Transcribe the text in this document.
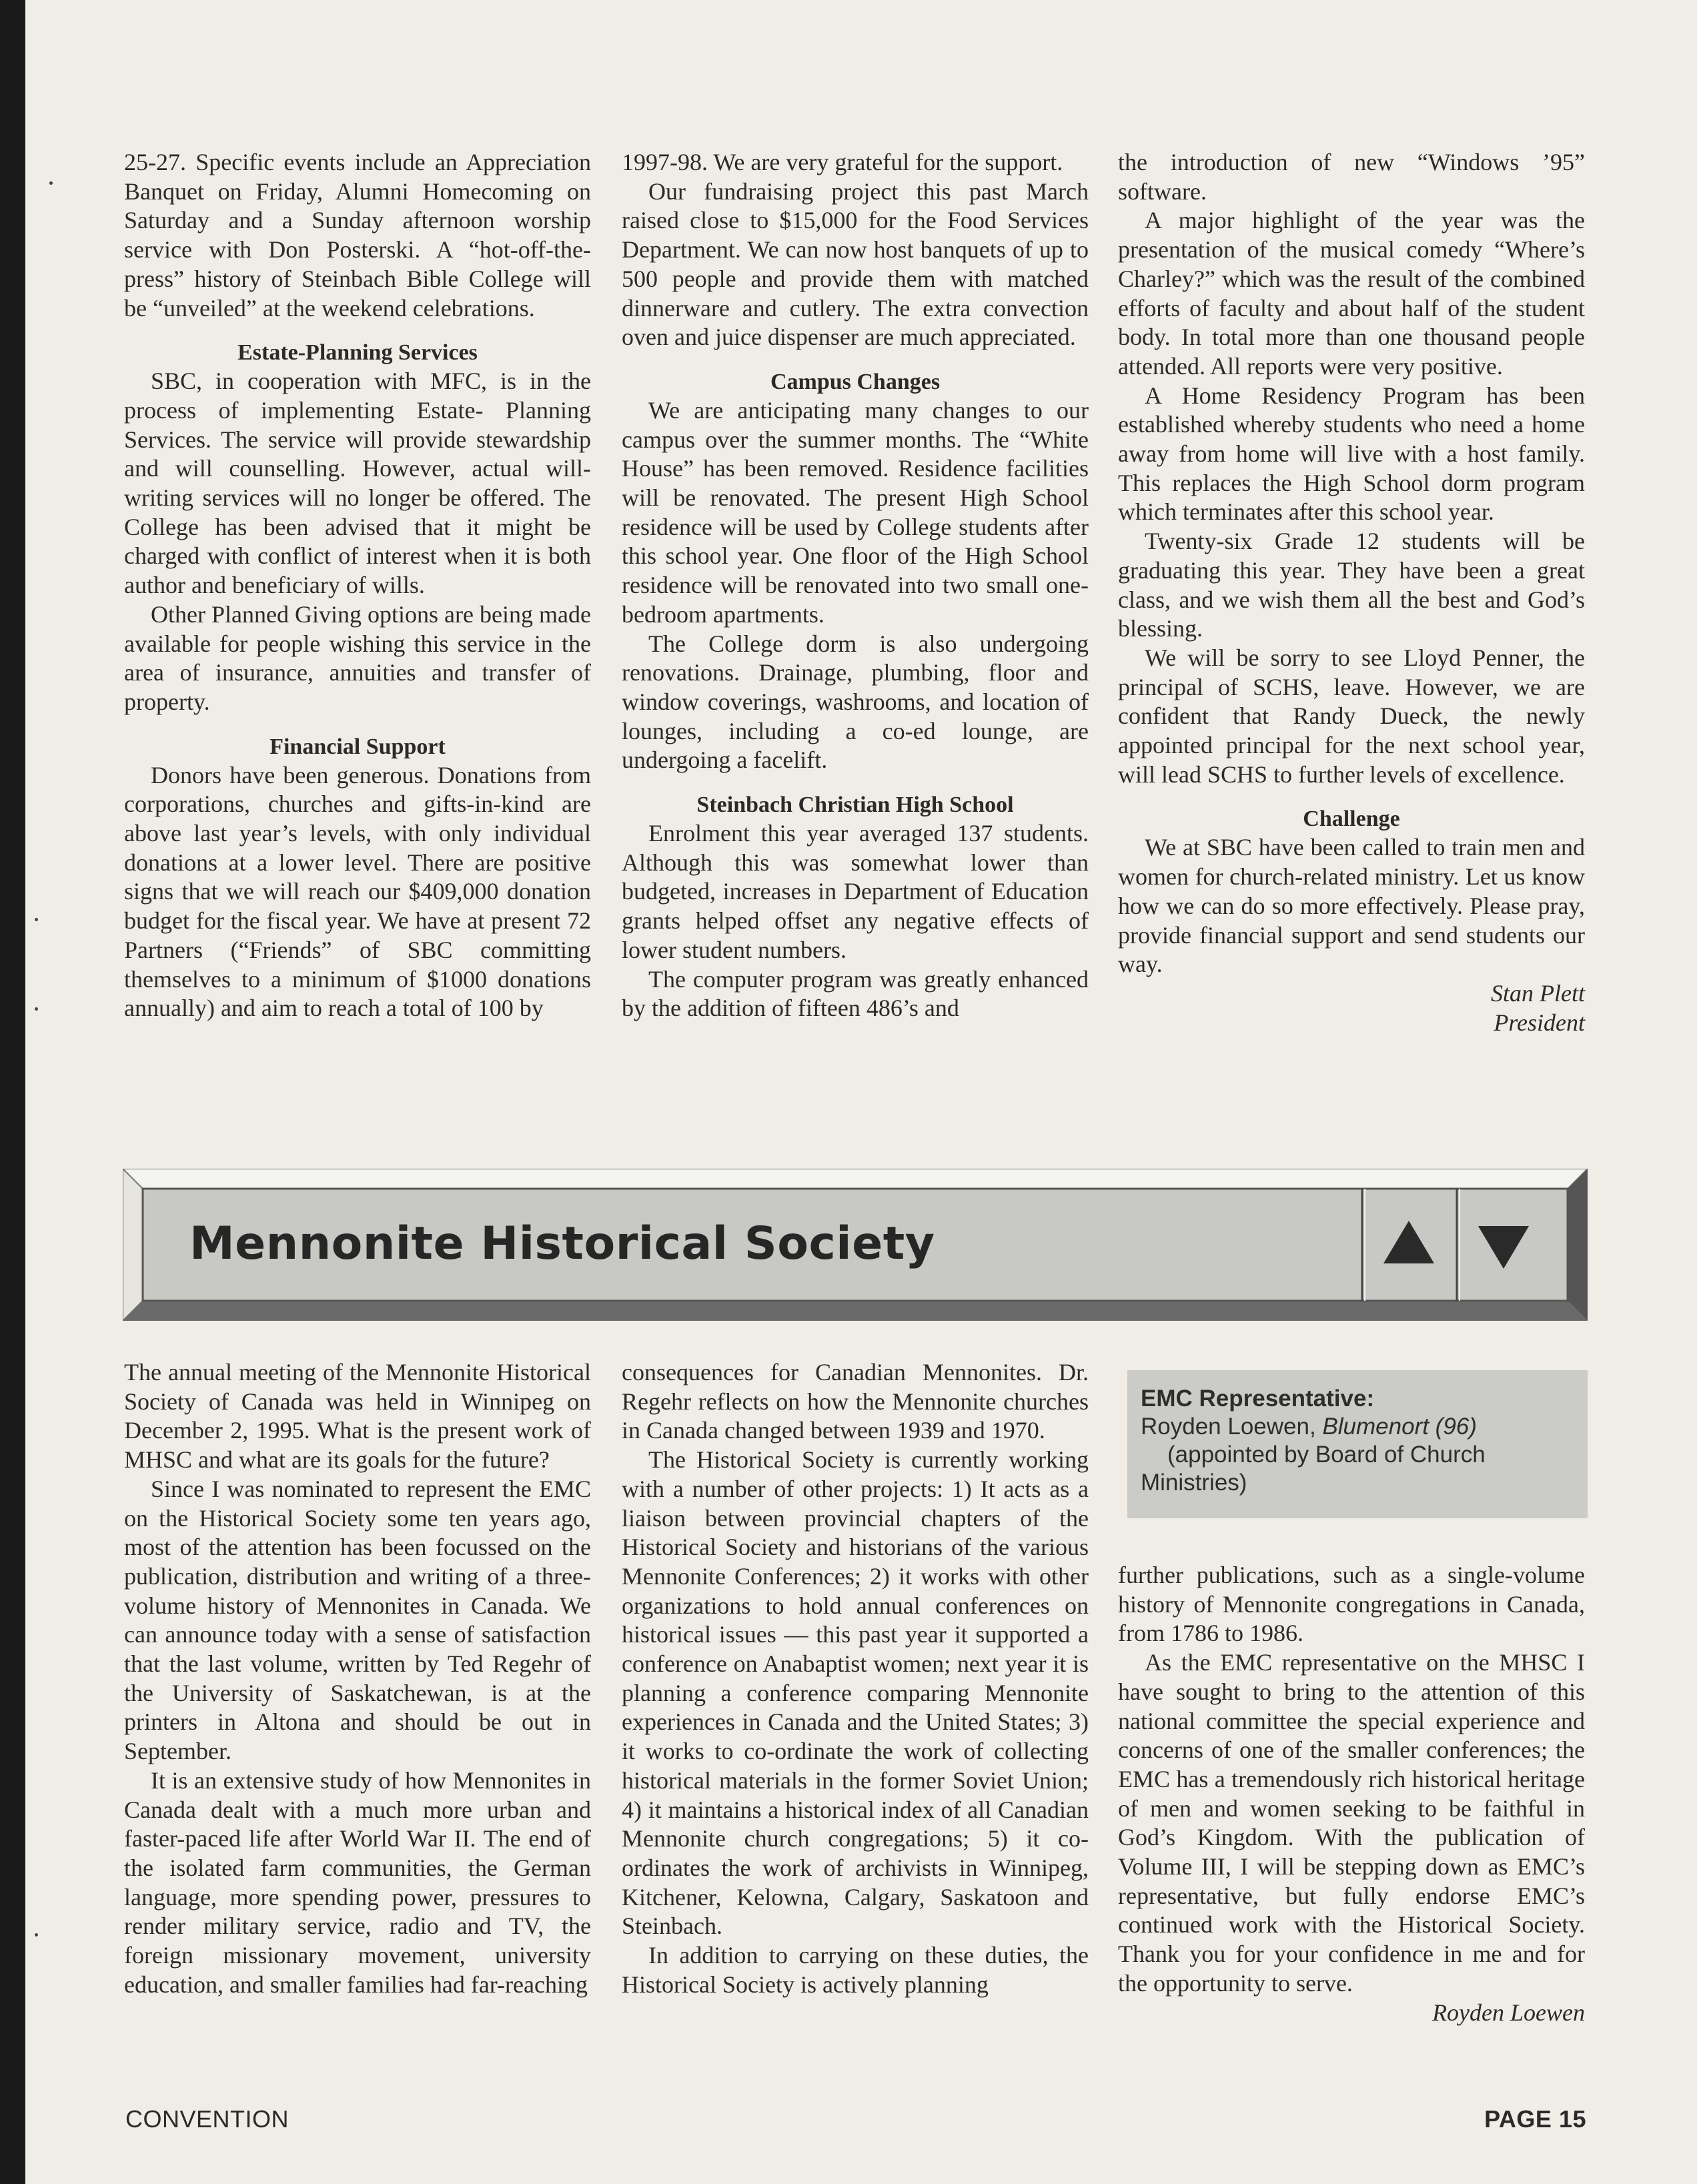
25-27. Specific events include an Appreciation Banquet on Friday, Alumni Homecoming on Saturday and a Sunday afternoon worship service with Don Posterski. A “hot-off-the-press” history of Steinbach Bible College will be “unveiled” at the weekend celebrations.

Estate-Planning Services

SBC, in cooperation with MFC, is in the process of implementing Estate- Planning Services. The service will provide stewardship and will counselling. However, actual will-writing services will no longer be offered. The College has been advised that it might be charged with conflict of interest when it is both author and beneficiary of wills.

Other Planned Giving options are being made available for people wishing this service in the area of insurance, annuities and transfer of property.

Financial Support

Donors have been generous. Donations from corporations, churches and gifts-in-kind are above last year’s levels, with only individual donations at a lower level. There are positive signs that we will reach our $409,000 donation budget for the fiscal year. We have at present 72 Partners (“Friends” of SBC committing themselves to a minimum of $1000 donations annually) and aim to reach a total of 100 by

1997-98. We are very grateful for the support.

Our fundraising project this past March raised close to $15,000 for the Food Services Department. We can now host banquets of up to 500 people and provide them with matched dinnerware and cutlery. The extra convection oven and juice dispenser are much appreciated.

Campus Changes

We are anticipating many changes to our campus over the summer months. The “White House” has been removed. Residence facilities will be renovated. The present High School residence will be used by College students after this school year. One floor of the High School residence will be renovated into two small one-bedroom apartments.

The College dorm is also undergoing renovations. Drainage, plumbing, floor and window coverings, washrooms, and location of lounges, including a co-ed lounge, are undergoing a facelift.

Steinbach Christian High School

Enrolment this year averaged 137 students. Although this was somewhat lower than budgeted, increases in Department of Education grants helped offset any negative effects of lower student numbers.

The computer program was greatly enhanced by the addition of fifteen 486’s and

the introduction of new “Windows ’95” software.

A major highlight of the year was the presentation of the musical comedy “Where’s Charley?” which was the result of the combined efforts of faculty and about half of the student body. In total more than one thousand people attended. All reports were very positive.

A Home Residency Program has been established whereby students who need a home away from home will live with a host family. This replaces the High School dorm program which terminates after this school year.

Twenty-six Grade 12 students will be graduating this year. They have been a great class, and we wish them all the best and God’s blessing.

We will be sorry to see Lloyd Penner, the principal of SCHS, leave. However, we are confident that Randy Dueck, the newly appointed principal for the next school year, will lead SCHS to further levels of excellence.

Challenge

We at SBC have been called to train men and women for church-related ministry. Let us know how we can do so more effectively. Please pray, provide financial support and send students our way.

Stan Plett

President

Mennonite Historical Society

The annual meeting of the Mennonite Historical Society of Canada was held in Winnipeg on December 2, 1995. What is the present work of MHSC and what are its goals for the future?

Since I was nominated to represent the EMC on the Historical Society some ten years ago, most of the attention has been focussed on the publication, distribution and writing of a three-volume history of Mennonites in Canada. We can announce today with a sense of satisfaction that the last volume, written by Ted Regehr of the University of Saskatchewan, is at the printers in Altona and should be out in September.

It is an extensive study of how Mennonites in Canada dealt with a much more urban and faster-paced life after World War II. The end of the isolated farm communities, the German language, more spending power, pressures to render military service, radio and TV, the foreign missionary movement, university education, and smaller families had far-reaching

consequences for Canadian Mennonites. Dr. Regehr reflects on how the Mennonite churches in Canada changed between 1939 and 1970.

The Historical Society is currently working with a number of other projects: 1) It acts as a liaison between provincial chapters of the Historical Society and historians of the various Mennonite Conferences; 2) it works with other organizations to hold annual conferences on historical issues — this past year it supported a conference on Anabaptist women; next year it is planning a conference comparing Mennonite experiences in Canada and the United States; 3) it works to co-ordinate the work of collecting historical materials in the former Soviet Union; 4) it maintains a historical index of all Canadian Mennonite church congregations; 5) it co-ordinates the work of archivists in Winnipeg, Kitchener, Kelowna, Calgary, Saskatoon and Steinbach.

In addition to carrying on these duties, the Historical Society is actively planning

EMC Representative:
Royden Loewen, Blumenort (96)
(appointed by Board of Church
Ministries)

further publications, such as a single-volume history of Mennonite congregations in Canada, from 1786 to 1986.

As the EMC representative on the MHSC I have sought to bring to the attention of this national committee the special experience and concerns of one of the smaller conferences; the EMC has a tremendously rich historical heritage of men and women seeking to be faithful in God’s Kingdom. With the publication of Volume III, I will be stepping down as EMC’s representative, but fully endorse EMC’s continued work with the Historical Society. Thank you for your confidence in me and for the opportunity to serve.

Royden Loewen

CONVENTION	PAGE 15
